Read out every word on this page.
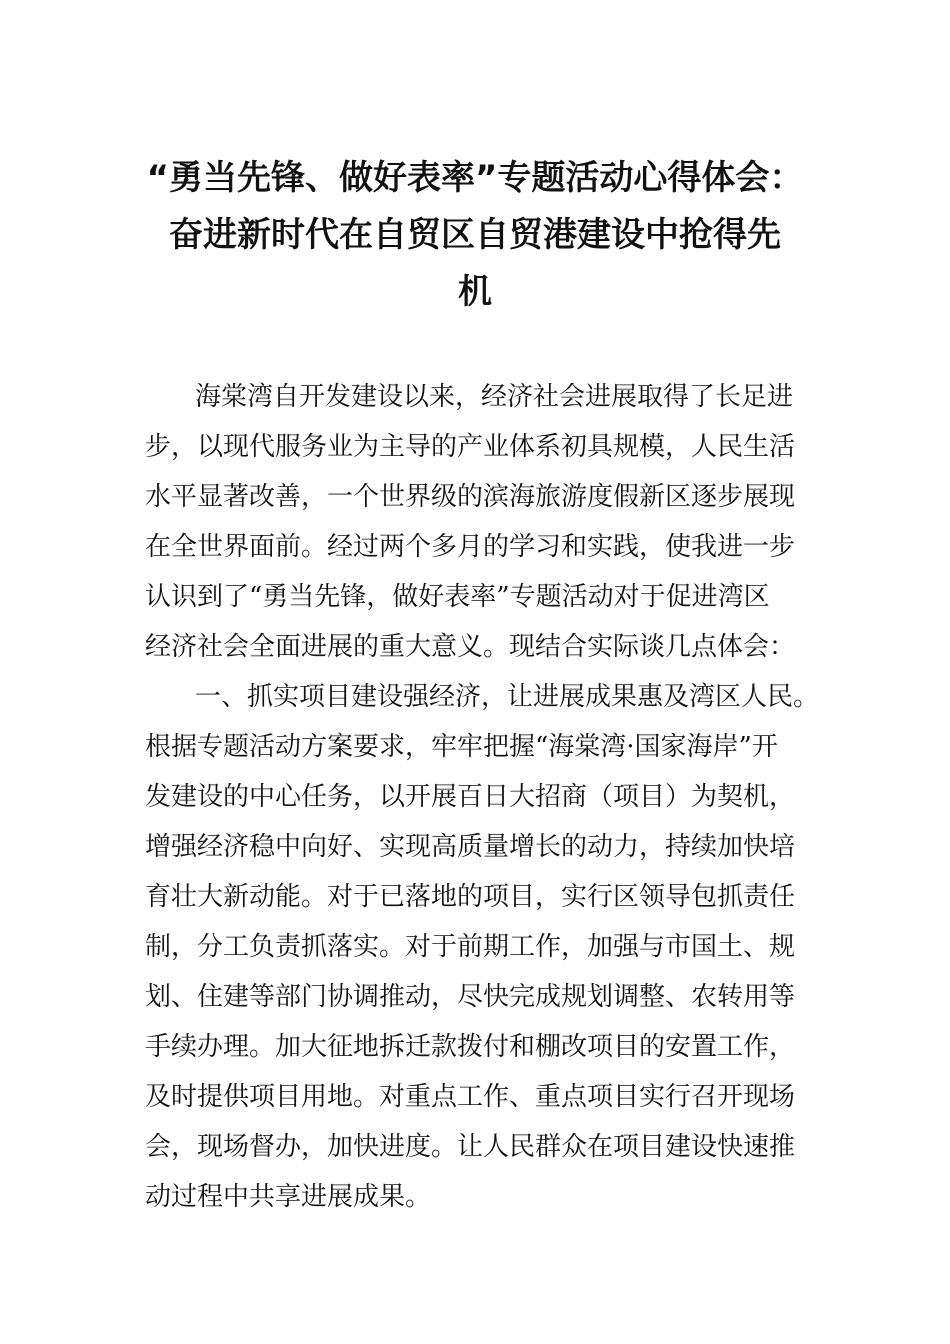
“勇当先锋、做好表率”专题活动心得体会：
奋进新时代在自贸区自贸港建设中抢得先
机
海棠湾自开发建设以来，经济社会进展取得了长足进
步，以现代服务业为主导的产业体系初具规模，人民生活
水平显著改善，一个世界级的滨海旅游度假新区逐步展现
在全世界面前。经过两个多月的学习和实践，使我进一步
认识到了“勇当先锋，做好表率”专题活动对于促进湾区
经济社会全面进展的重大意义。现结合实际谈几点体会：
一、抓实项目建设强经济，让进展成果惠及湾区人民。
根据专题活动方案要求，牢牢把握“海棠湾·国家海岸”开
发建设的中心任务，以开展百日大招商（项目）为契机，
增强经济稳中向好、实现高质量增长的动力，持续加快培
育壮大新动能。对于已落地的项目，实行区领导包抓责任
制，分工负责抓落实。对于前期工作，加强与市国土、规
划、住建等部门协调推动，尽快完成规划调整、农转用等
手续办理。加大征地拆迁款拨付和棚改项目的安置工作，
及时提供项目用地。对重点工作、重点项目实行召开现场
会，现场督办，加快进度。让人民群众在项目建设快速推
动过程中共享进展成果。
